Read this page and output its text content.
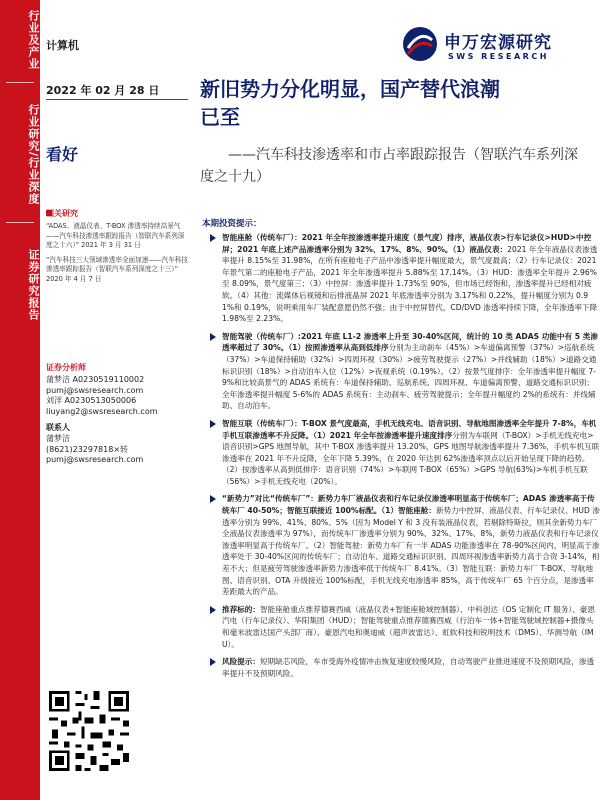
行业及产业
行业研究/行业深度
证券研究报告
计算机	申万宏源研究
SWS RESEARCH
2022 年 02 月 28 日
看好
新旧势力分化明显，国产替代浪潮
已至
——汽车科技渗透率和市占率跟踪报告（智联汽车系列深
度之十九）
相关研究
“ADAS、液晶仪表、T-BOX 渗透率持续高景气——汽车科技渗透率跟踪报告（智联汽车系列深度之十六）” 2021 年 3 月 31 日
“汽车科技三大领域渗透率全面加速——汽车科技渗透率跟踪报告（智联汽车系列深度之十三）” 2020 年 4 月 7 日
证券分析师
蒲梦洁 A0230519110002
pumj@swsresearch.com
刘洋 A0230513050006
liuyang2@swsresearch.com
联系人
蒲梦洁
(8621)23297818×转
pumj@swsresearch.com
本期投资提示：
智能座舱（传统车厂）：2021 年全年按渗透率提升速度（景气度）排序，液晶仪表>行车记录仪>HUD>中控屏；2021 年底上述产品渗透率分别为 32%、17%、8%、90%。（1）液晶仪表：2021 年全年液晶仪表渗透率提升 8.15%至 31.98%，在所有座舱电子产品中渗透率提升幅度最大，景气度最高；（2）行车记录仪：2021 年景气第二的座舱电子产品，2021 年全年渗透率提升 5.88%至 17.14%。（3）HUD：渗透率全年提升 2.96%至 8.09%，景气度第三；（3）中控屏：渗透率提升 1.73%至 90%，但市场已经饱和，渗透率提升已经相对疲软。（4）其他：流媒体后视镜和后排液晶屏 2021 年底渗透率分别为 3.17%和 0.22%，提升幅度分别为 0.91%和 0.19%，说明乘用车厂装配意愿仍然不强；由于中控屏替代，CD/DVD 渗透率持续下降，全年渗透率下降 1.98%至 2.23%。
智能驾驶（传统车厂）:2021 年底 L1-2 渗透率上升至 30-40%区间，统计的 10 类 ADAS 功能中有 5 类渗透率超过了 30%。（1）按照渗透率从高到低排序分别为主动刹车（45%）>车道偏离预警（37%）>巡航系统（37%）>车道保持辅助（32%）>四周环视（30%）>疲劳驾驶提示（27%）>并线辅助（18%）>道路交通标识识别（18%）>自动泊车入位（12%）>夜视系统（0.19%）。（2）按景气度排序：全年渗透率提升幅度 7-9%和比较高景气的 ADAS 系统有：车道保持辅助、巡航系统、四周环视、车道偏离预警、道路交通标识识别；全年渗透率提升幅度 5-6%的 ADAS 系统有：主动刹车、疲劳驾驶提示；全年提升幅度约 2%的系统有：并线辅助、自动泊车。
智能互联（传统车厂）：T-BOX 景气度最高，手机无线充电、语音识别、导航地图渗透率全年提升 7-8%，车机手机互联渗透率不升反降。（1）2021 年全年按渗透率提升速度排序分别为车联网（T-BOX）>手机无线充电>语音识别>GPS 地图导航，其中 T-BOX 渗透率提升 13.20%，GPS 地图导航渗透率提升 7.36%，手机车机互联渗透率在 2021 年不升反降，全年下降 5.39%，在 2020 年达到 62%渗透率顶点以后开始呈现下降的趋势。（2）按渗透率从高到低排序：语音识别（74%）>车联网 T-BOX（65%）>GPS 导航(63%)>车机手机互联（56%）>手机无线充电（20%）。
“新势力”对比“传统车厂”：新势力车厂液晶仪表和行车记录仪渗透率明显高于传统车厂；ADAS 渗透率高于传统车厂 40-50%；智能互联接近 100%标配。（1）智能座舱：新势力中控屏、液晶仪表、行车记录仪、HUD 渗透率分别为 99%、41%、80%、5%（因为 Model Y 和 3 没有装液晶仪表，若剔除特斯拉，则其余新势力车厂全液晶仪表渗透率为 97%），而传统车厂渗透率分别为 90%、32%、17%、8%，新势力液晶仪表和行车记录仪渗透率明显高于传统车厂。（2）智能驾驶：新势力车厂有一半 ADAS 功能渗透率在 78-90%区间内，明显高于渗透率处于 30-40%区间的传统车厂；自动泊车、道路交通标识识别、四周环视渗透率新势力高于合资 3-14%，相差不大；但是疲劳驾驶渗透率新势力渗透率低于传统车厂 8.41%。（3）智能互联：新势力车厂 T-BOX、导航地图、语音识别、OTA 升级接近 100%标配，手机无线充电渗透率 85%，高于传统车厂 65 个百分点，是渗透率差距最大的产品。
推荐标的：智能座舱重点推荐德赛西威（液晶仪表+智能座舱域控制器）、中科创达（OS 定制化 IT 服务）、豪恩汽电（行车记录仪）、华阳集团（HUD）；智能驾驶重点推荐德赛西威（行泊车一体+智能驾驶域控制器+摄像头和毫米波雷达国产头部厂商）、豪恩汽电和奥迪威（超声波雷达）、虹软科技和锐明技术（DMS）、华测导航（IMU）。
风险提示：短期缺芯风险，车市受海外疫情冲击恢复速度较慢风险，自动驾驶产业推进速度不及预期风险，渗透率提升不及预期风险。
